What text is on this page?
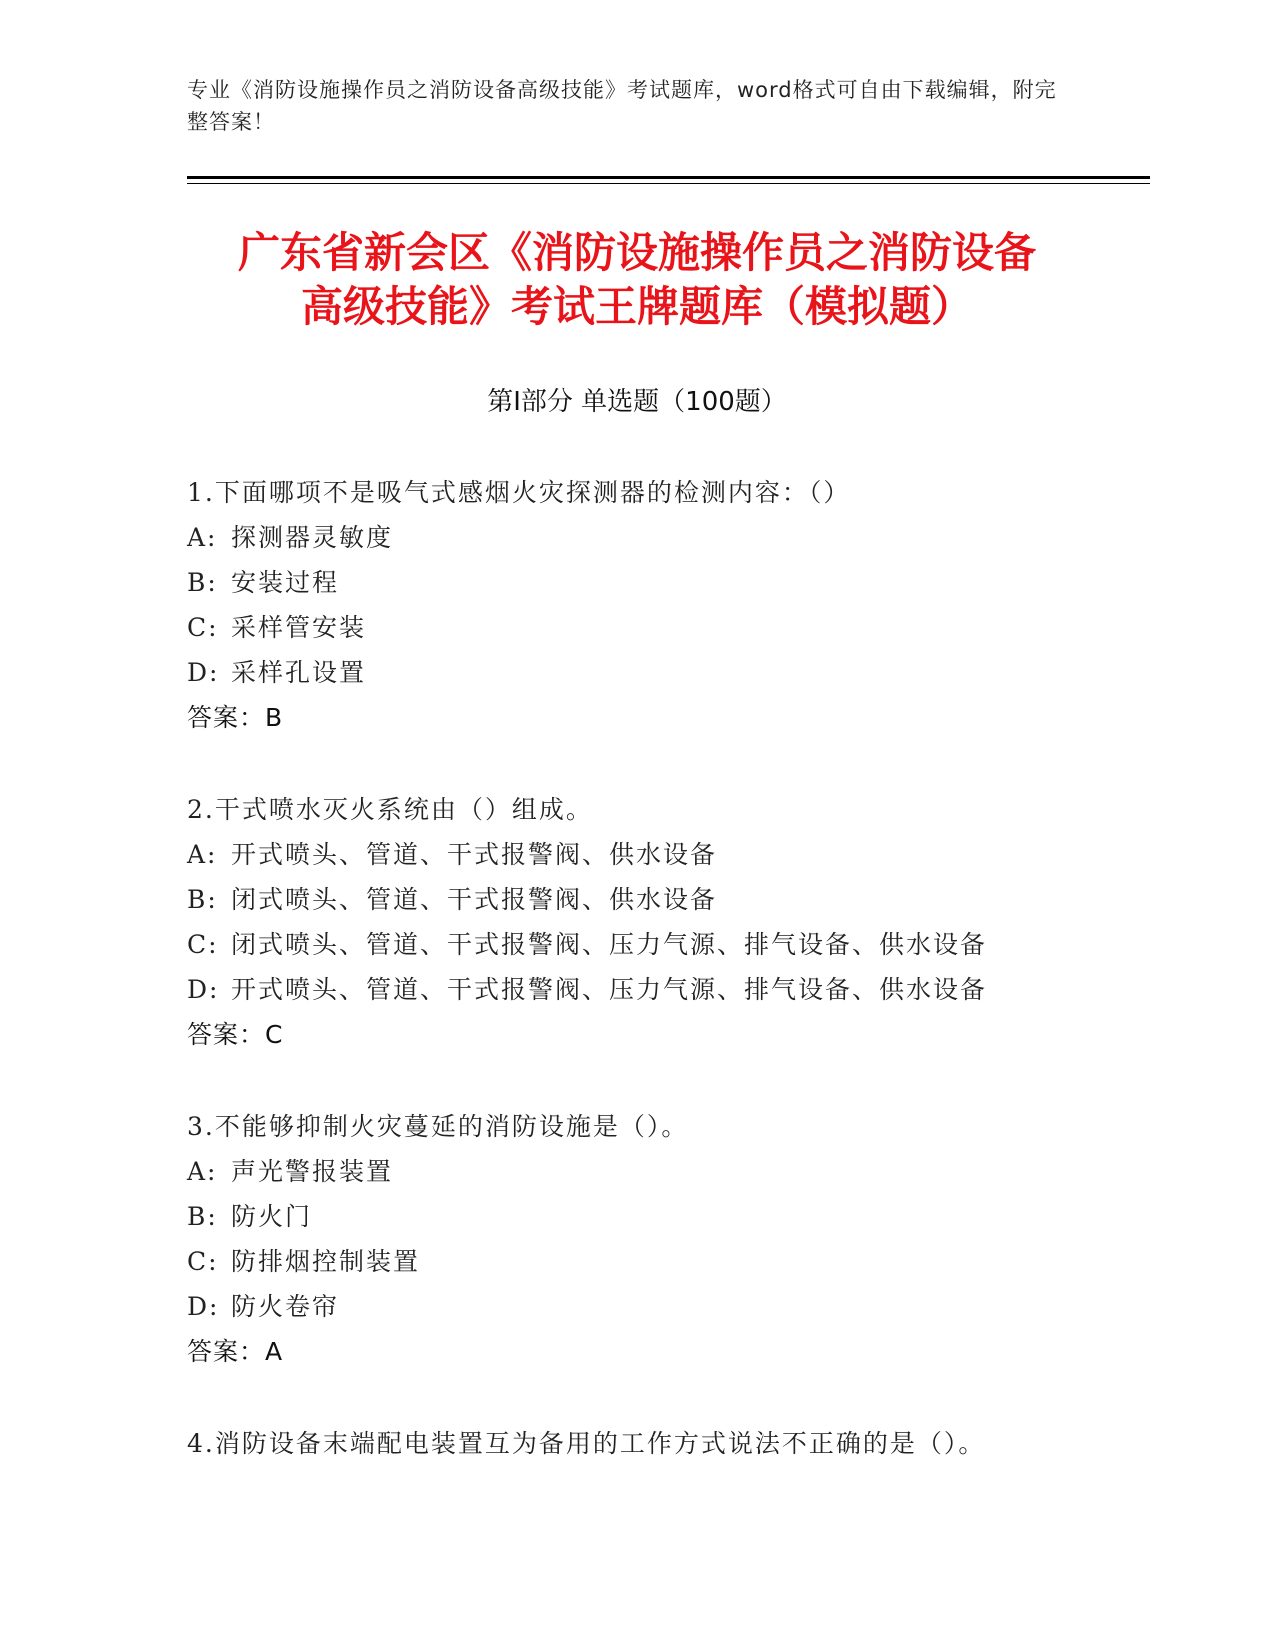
专业《消防设施操作员之消防设备高级技能》考试题库，word格式可自由下载编辑，附完整答案！
广东省新会区《消防设施操作员之消防设备
高级技能》考试王牌题库（模拟题）
第Ⅰ部分 单选题（100题）
1.下面哪项不是吸气式感烟火灾探测器的检测内容：（）
A: 探测器灵敏度
B: 安装过程
C: 采样管安装
D: 采样孔设置
答案：B
2.干式喷水灭火系统由（）组成。
A: 开式喷头、管道、干式报警阀、供水设备
B: 闭式喷头、管道、干式报警阀、供水设备
C: 闭式喷头、管道、干式报警阀、压力气源、排气设备、供水设备
D: 开式喷头、管道、干式报警阀、压力气源、排气设备、供水设备
答案：C
3.不能够抑制火灾蔓延的消防设施是（）。
A: 声光警报装置
B: 防火门
C: 防排烟控制装置
D: 防火卷帘
答案：A
4.消防设备末端配电装置互为备用的工作方式说法不正确的是（）。
